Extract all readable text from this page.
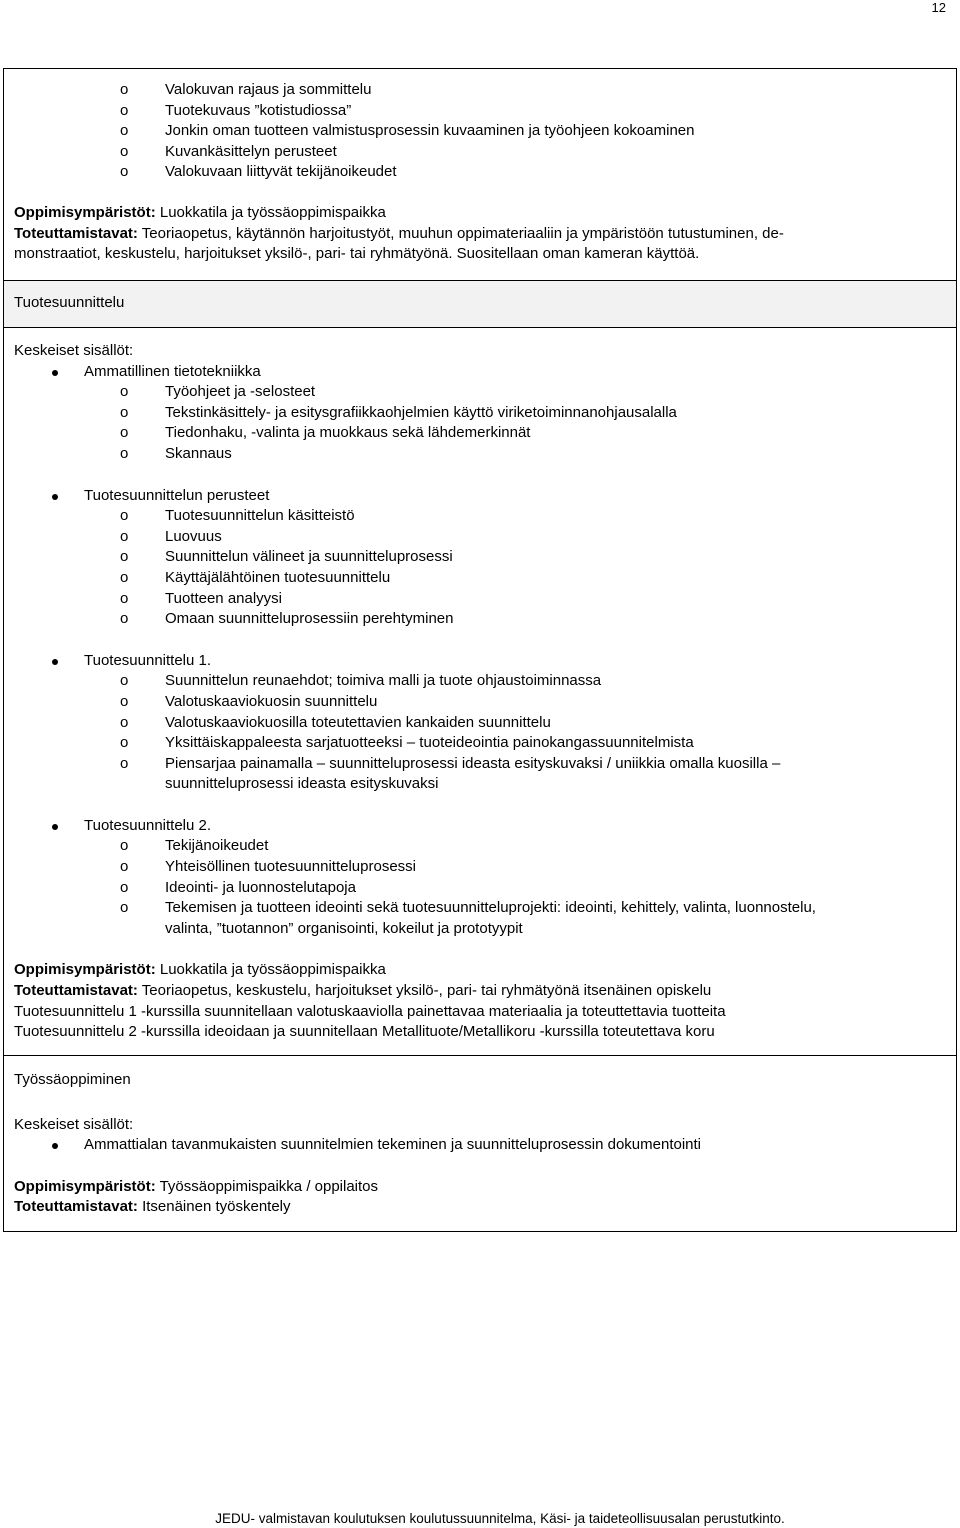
12
o Valokuvan rajaus ja sommittelu
o Tuotekuvaus ”kotistudiossa”
o Jonkin oman tuotteen valmistusprosessin kuvaaminen ja työohjeen kokoaminen
o Kuvankäsittelyn perusteet
o Valokuvaan liittyvät tekijänoikeudet
Oppimisympäristöt: Luokkatila ja työssäoppimispaikka
Toteuttamistavat: Teoriaopetus, käytännön harjoitustyöt, muuhun oppimateriaaliin ja ympäristöön tutustuminen, de-
monstraatiot, keskustelu, harjoitukset yksilö-, pari- tai ryhmätyönä. Suositellaan oman kameran käyttöä.
Tuotesuunnittelu
Keskeiset sisällöt:
Ammatillinen tietotekniikka
o Työohjeet ja -selosteet
o Tekstinkäsittely- ja esitysgrafiikkaohjelmien käyttö viriketoiminnanohjausalalla
o Tiedonhaku, -valinta ja muokkaus sekä lähdemerkinnät
o Skannaus
Tuotesuunnittelun perusteet
o Tuotesuunnittelun käsitteistö
o Luovuus
o Suunnittelun välineet ja suunnitteluprosessi
o Käyttäjälähtöinen tuotesuunnittelu
o Tuotteen analyysi
o Omaan suunnitteluprosessiin perehtyminen
Tuotesuunnittelu 1.
o Suunnittelun reunaehdot; toimiva malli ja tuote ohjaustoiminnassa
o Valotuskaaviokuosin suunnittelu
o Valotuskaaviokuosilla toteutettavien kankaiden suunnittelu
o Yksittäiskappaleesta sarjatuotteeksi – tuoteideointia painokangassuunnitelmista
o Piensarjaa painamalla – suunnitteluprosessi ideasta esityskuvaksi / uniikkia omalla kuosilla –
suunnitteluprosessi ideasta esityskuvaksi
Tuotesuunnittelu 2.
o Tekijänoikeudet
o Yhteisöllinen tuotesuunnitteluprosessi
o Ideointi- ja luonnostelutapoja
o Tekemisen ja tuotteen ideointi sekä tuotesuunnitteluprojekti: ideointi, kehittely, valinta, luonnostelu,
valinta, ”tuotannon” organisointi, kokeilut ja prototyypit
Oppimisympäristöt: Luokkatila ja työssäoppimispaikka
Toteuttamistavat: Teoriaopetus, keskustelu, harjoitukset yksilö-, pari- tai ryhmätyönä itsenäinen opiskelu
Tuotesuunnittelu 1 -kurssilla suunnitellaan valotuskaaviolla painettavaa materiaalia ja toteuttettavia tuotteita
Tuotesuunnittelu 2 -kurssilla ideoidaan ja suunnitellaan Metallituote/Metallikoru -kurssilla toteutettava koru
Työssäoppiminen
Keskeiset sisällöt:
Ammattialan tavanmukaisten suunnitelmien tekeminen ja suunnitteluprosessin dokumentointi
Oppimisympäristöt: Työssäoppimispaikka / oppilaitos
Toteuttamistavat: Itsenäinen työskentely
JEDU- valmistavan koulutuksen koulutussuunnitelma, Käsi- ja taideteollisuusalan perustutkinto.
